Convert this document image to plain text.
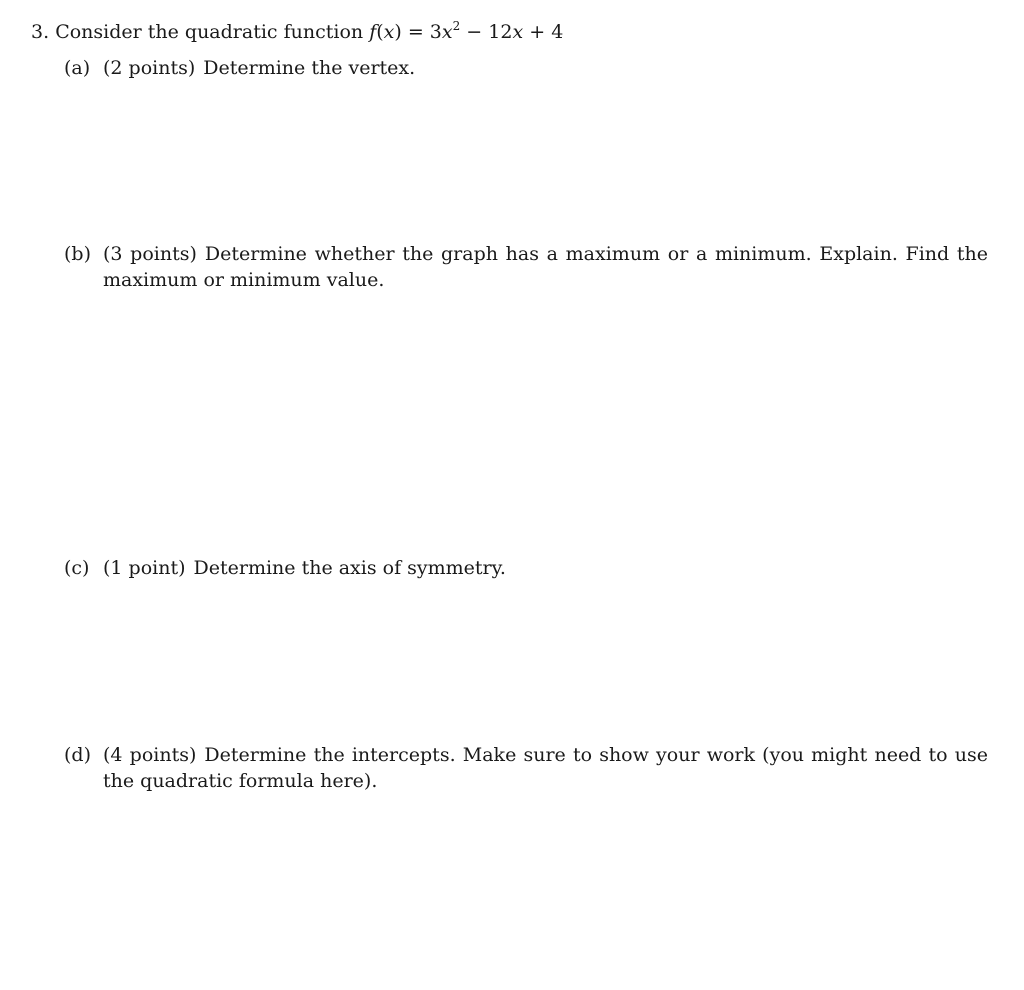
3. Consider the quadratic function $f(x) = 3x^2 - 12x + 4$
(a) (2 points) Determine the vertex.
(b) (3 points) Determine whether the graph has a maximum or a minimum. Explain. Find the maximum or minimum value.
(c) (1 point) Determine the axis of symmetry.
(d) (4 points) Determine the intercepts. Make sure to show your work (you might need to use the quadratic formula here).
